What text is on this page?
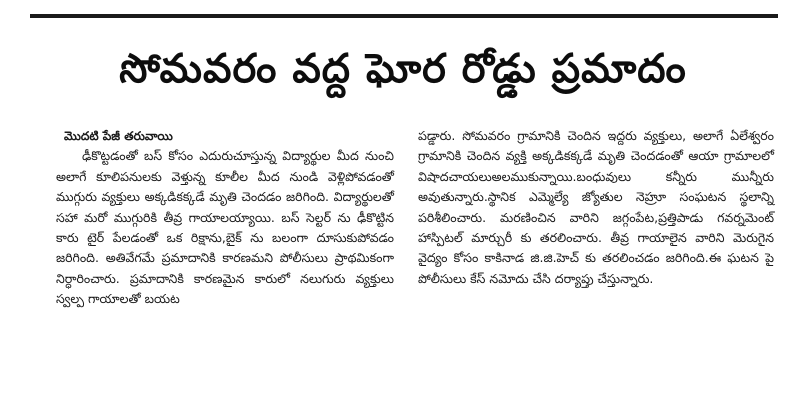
సోమవరం వద్ద ఘోర రోడ్డు ప్రమాదం
మొదటి పేజీ తరువాయి

ఢీకొట్టడంతో బస్ కోసం ఎదురుచూస్తున్న విద్యార్థుల మీద నుంచి అలాగే కూలిపనులకు వెళ్తున్న కూలీల మీద నుండి వెళ్లిపోవడంతో ముగ్గురు వ్యక్తులు అక్కడికక్కడే మృతి చెందడం జరిగింది. విద్యార్థులతో సహా మరో ముగ్గురికి తీవ్ర గాయాలయ్యాయి. బస్ సెల్టర్ ను ఢీకొట్టిన కారు టైర్ పేలడంతో ఒక రిక్షాను,బైక్ ను బలంగా దూసుకుపోవడం జరిగింది. అతివేగమే ప్రమాదానికి కారణమని పోలీసులు ప్రాథమికంగా నిర్ధారించారు. ప్రమాదానికి కారణమైన కారులో నలుగురు వ్యక్తులు స్వల్ప గాయాలతో బయట

పడ్డారు. సోమవరం గ్రామానికి చెందిన ఇద్దరు వ్యక్తులు, అలాగే ఏలేశ్వరం గ్రామానికి చెందిన వ్యక్తి అక్కడికక్కడే మృతి చెందడంతో ఆయా గ్రామాలలో విషాదచాయలుఅలముకున్నాయి.బంధువులు కన్నీరు మున్నీరు అవుతున్నారు.స్థానిక ఎమ్మెల్యే జ్యోతుల నెహ్రూ సంఘటన స్థలాన్ని పరిశీలించారు. మరణించిన వారిని జగ్గంపేట,ప్రత్తిపాడు గవర్నమెంట్ హాస్పిటల్ మార్చురీ కు తరలించారు. తీవ్ర గాయాలైన వారిని మెరుగైన వైద్యం కోసం కాకినాడ జి.జి.హెచ్ కు తరలించడం జరిగింది.ఈ ఘటన పై పోలీసులు కేస్ నమోదు చేసి దర్యాప్తు చేస్తున్నారు.
